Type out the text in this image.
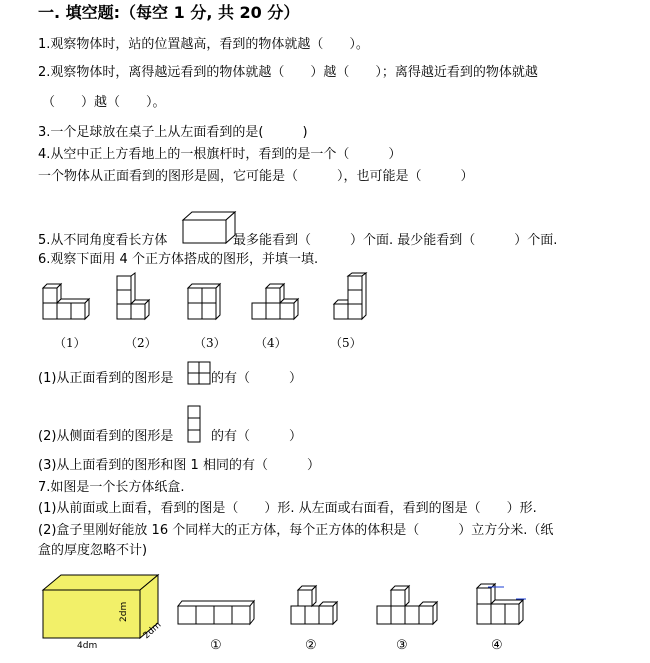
一. 填空题:（每空 1 分, 共 20 分）
1.观察物体时，站的位置越高，看到的物体就越（　　）。
2.观察物体时，离得越远看到的物体就越（　　）越（　　）；离得越近看到的物体就越
（　　）越（　　）。
3.一个足球放在桌子上从左面看到的是(　　　)
4.从空中正上方看地上的一根旗杆时，看到的是一个（　　　）
一个物体从正面看到的图形是圆，它可能是（　　　），也可能是（　　　）
5.从不同角度看长方体	最多能看到（　　　）个面. 最少能看到（　　　）个面.
6.观察下面用 4 个正方体搭成的图形，并填一填.
（1）	（2）	（3） （4）	（5）
(1)从正面看到的图形是	的有（　　　）
(2)从侧面看到的图形是	的有（　　　）
(3)从上面看到的图形和图 1 相同的有（　　　）
7.如图是一个长方体纸盒.
(1)从前面或上面看，看到的图是（　　）形. 从左面或右面看，看到的图是（　　）形.
(2)盒子里刚好能放 16 个同样大的正方体，每个正方体的体积是（　　　）立方分米.（纸
盒的厚度忽略不计)
4dm
2dm
2dm
①	②	③	④
